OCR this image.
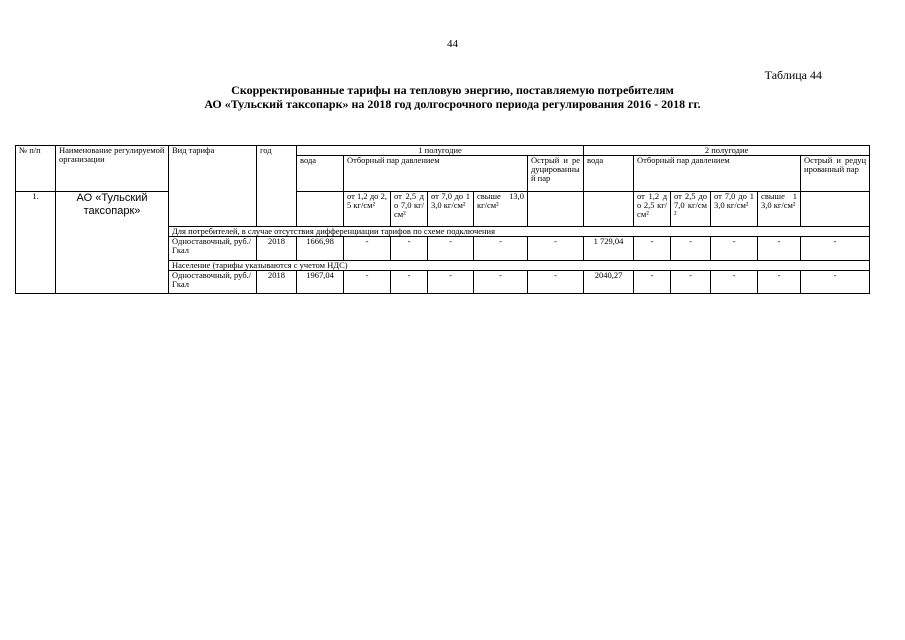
44
Таблица 44
Скорректированные тарифы на тепловую энергию, поставляемую потребителям
АО «Тульский таксопарк» на 2018 год долгосрочного периода регулирования 2016 - 2018 гг.
№ п/п	Наименование регулируемой организации	Вид тарифа	год	1 полугодие						2 полугодие					
				вода	Отборный пар давлением				Острый и редуцированный пар	вода	Отборный пар давлением				Острый и редуцированный пар
1.	АО «Тульский таксопарк»				от 1,2 до 2,5 кг/см²	от 2,5 до 7,0 кг/см²	от 7,0 до 13,0 кг/см²	свыше 13,0 кг/см²			от 1,2 до 2,5 кг/см²	от 2,5 до 7,0 кг/см²	от 7,0 до 13,0 кг/см²	свыше 13,0 кг/см²	
		Для потребителей, в случае отсутствия дифференциации тарифов по схеме подключения													
		Одноставочный, руб./Гкал	2018	1666,98	-	-	-	-	-	1 729,04	-	-	-	-	-
		Население (тарифы указываются с учетом НДС)													
		Одноставочный, руб./Гкал	2018	1967,04	-	-	-	-	-	2040,27	-	-	-	-	-
